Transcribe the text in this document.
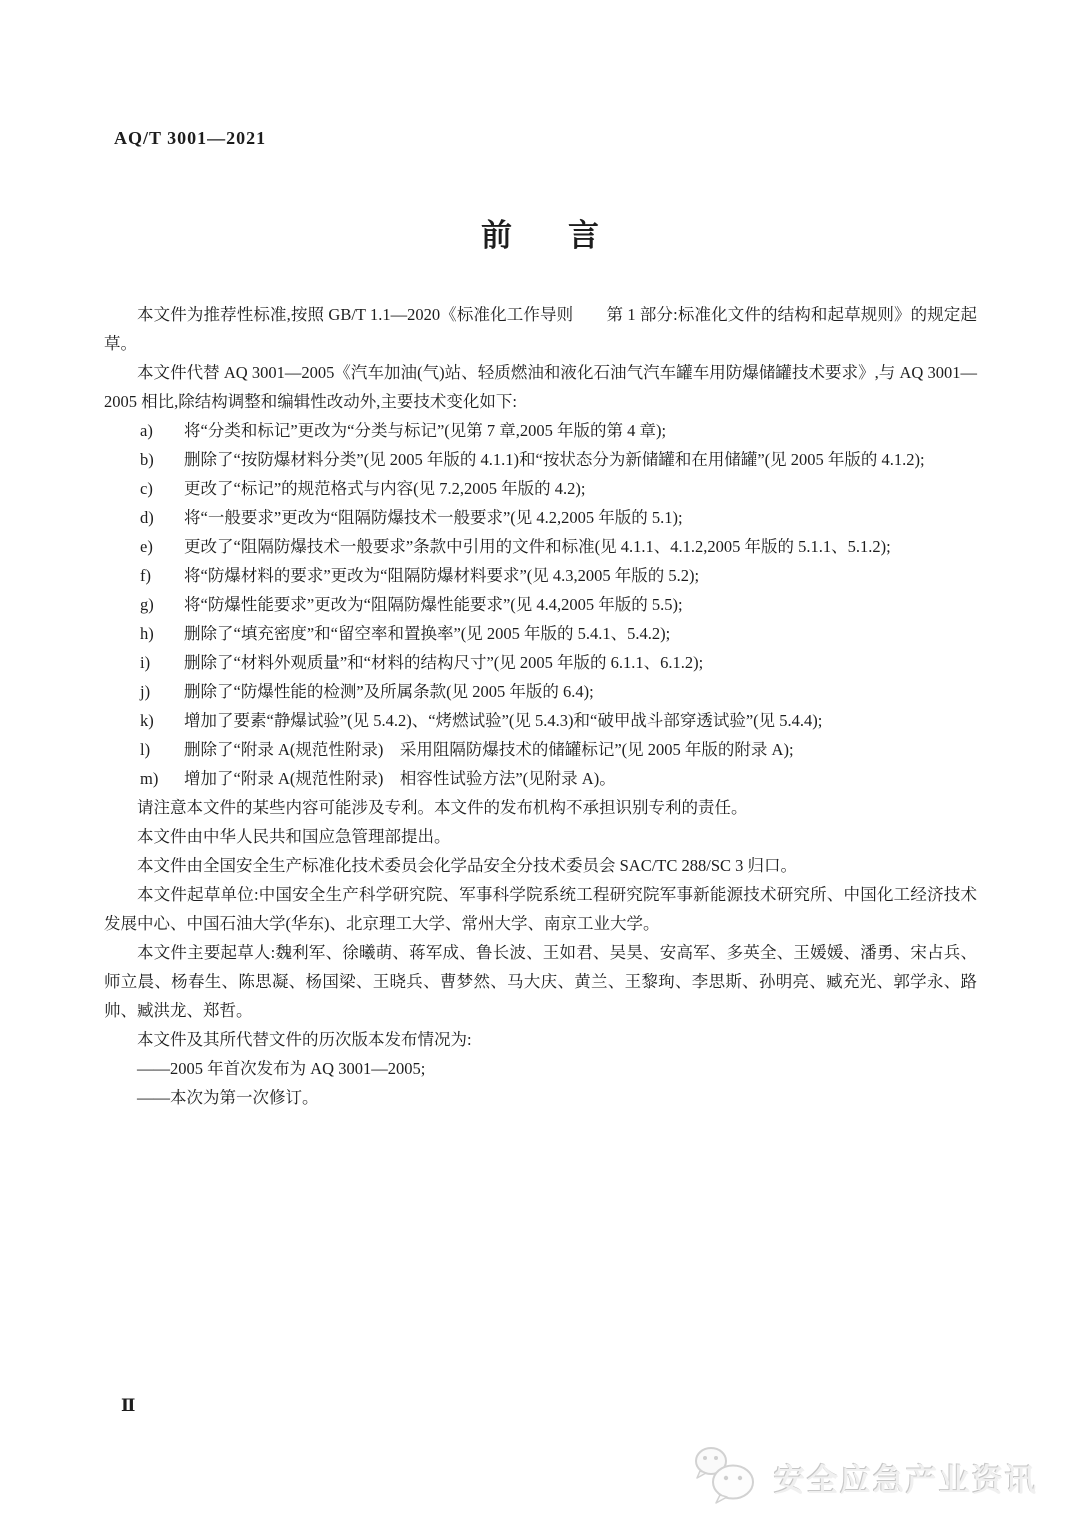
AQ/T 3001—2021
前言

本文件为推荐性标准,按照 GB/T 1.1—2020《标准化工作导则　　第 1 部分:标准化文件的结构和起草规则》的规定起草。

本文件代替 AQ 3001—2005《汽车加油(气)站、轻质燃油和液化石油气汽车罐车用防爆储罐技术要求》,与 AQ 3001—2005 相比,除结构调整和编辑性改动外,主要技术变化如下:

a)	将“分类和标记”更改为“分类与标记”(见第 7 章,2005 年版的第 4 章);
b)	删除了“按防爆材料分类”(见 2005 年版的 4.1.1)和“按状态分为新储罐和在用储罐”(见 2005 年版的 4.1.2);
c)	更改了“标记”的规范格式与内容(见 7.2,2005 年版的 4.2);
d)	将“一般要求”更改为“阻隔防爆技术一般要求”(见 4.2,2005 年版的 5.1);
e)	更改了“阻隔防爆技术一般要求”条款中引用的文件和标准(见 4.1.1、4.1.2,2005 年版的 5.1.1、5.1.2);
f)	将“防爆材料的要求”更改为“阻隔防爆材料要求”(见 4.3,2005 年版的 5.2);
g)	将“防爆性能要求”更改为“阻隔防爆性能要求”(见 4.4,2005 年版的 5.5);
h)	删除了“填充密度”和“留空率和置换率”(见 2005 年版的 5.4.1、5.4.2);
i)	删除了“材料外观质量”和“材料的结构尺寸”(见 2005 年版的 6.1.1、6.1.2);
j)	删除了“防爆性能的检测”及所属条款(见 2005 年版的 6.4);
k)	增加了要素“静爆试验”(见 5.4.2)、“烤燃试验”(见 5.4.3)和“破甲战斗部穿透试验”(见 5.4.4);
l)	删除了“附录 A(规范性附录)　采用阻隔防爆技术的储罐标记”(见 2005 年版的附录 A);
m)	增加了“附录 A(规范性附录)　相容性试验方法”(见附录 A)。

请注意本文件的某些内容可能涉及专利。本文件的发布机构不承担识别专利的责任。

本文件由中华人民共和国应急管理部提出。

本文件由全国安全生产标准化技术委员会化学品安全分技术委员会 SAC/TC 288/SC 3 归口。

本文件起草单位:中国安全生产科学研究院、军事科学院系统工程研究院军事新能源技术研究所、中国化工经济技术发展中心、中国石油大学(华东)、北京理工大学、常州大学、南京工业大学。

本文件主要起草人:魏利军、徐曦萌、蒋军成、鲁长波、王如君、吴昊、安高军、多英全、王媛媛、潘勇、宋占兵、师立晨、杨春生、陈思凝、杨国梁、王晓兵、曹梦然、马大庆、黄兰、王黎珣、李思斯、孙明亮、臧充光、郭学永、路帅、臧洪龙、郑哲。

本文件及其所代替文件的历次版本发布情况为:

——2005 年首次发布为 AQ 3001—2005;

——本次为第一次修订。

Ⅱ
安全应急产业资讯
